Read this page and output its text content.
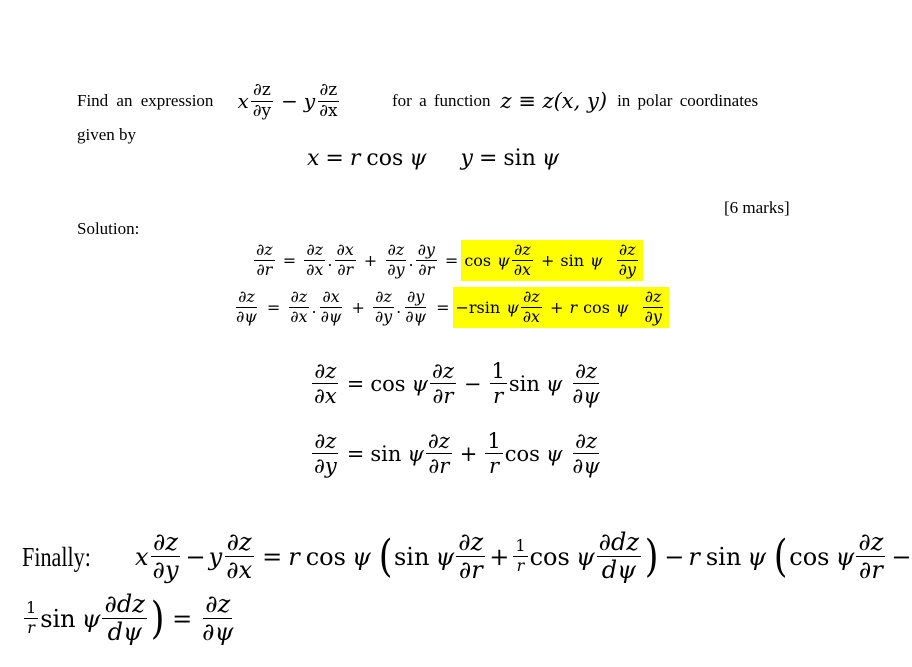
Find an expression x $\frac{\partial z}{\partial y} - y \frac{\partial z}{\partial x}$	for a function z ≡ z(x, y) in polar coordinates
given by
x = r cos ψ y = sin ψ
[6 marks]
Solution:
$\frac{\partial z}{\partial r} = \frac{\partial z}{\partial x}$ . $\frac{\partial x}{\partial r} + \frac{\partial z}{\partial y}$ . $\frac{\partial y}{\partial r} = \cos \psi \frac{\partial z}{\partial x} + \sin \psi \frac{\partial z}{\partial y}$
$\frac{\partial z}{\partial\psi} = \frac{\partial z}{\partial x}$ . $\frac{\partial x}{\partial\psi} + \frac{\partial z}{\partial y}$ . $\frac{\partial y}{\partial\psi} = -rsin$ ψ $\frac{\partial z}{\partial x} + r$ cos ψ $\frac{\partial z}{\partial y}$
$\frac{\partial z}{\partial x} = \cos \psi \frac{\partial z}{\partial r} - \frac{1}{r}$ sin ψ $\frac{\partial z}{\partial\psi}$
$\frac{\partial z}{\partial y} = \sin \psi \frac{\partial z}{\partial r} + \frac{1}{r}$ cos ψ $\frac{\partial z}{\partial\psi}$
Finally: x $\frac{\partial z}{\partial y} - y \frac{\partial z}{\partial x} = r$ cos ψ ( sin ψ $\frac{\partial z}{\partial r} + \frac{1}{r}$ cos ψ $\frac{\partial dz}{d\psi}$ ) − r sin ψ ( cos ψ $\frac{\partial z}{\partial r}$ −
$\frac{1}{r}$ sin ψ $\frac{\partial dz}{d\psi}$ ) = $\frac{\partial z}{\partial\psi}$
